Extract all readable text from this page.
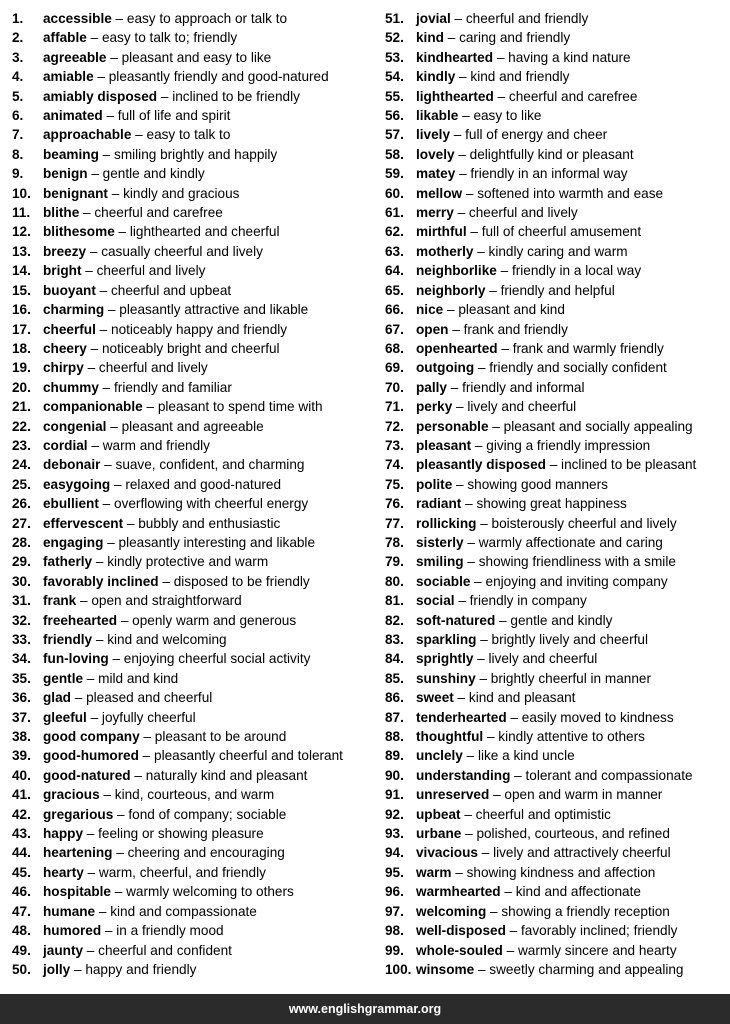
1.	accessible – easy to approach or talk to
2.	affable – easy to talk to; friendly
3.	agreeable – pleasant and easy to like
4.	amiable – pleasantly friendly and good-natured
5.	amiably disposed – inclined to be friendly
6.	animated – full of life and spirit
7.	approachable – easy to talk to
8.	beaming – smiling brightly and happily
9.	benign – gentle and kindly
10. benignant – kindly and gracious
11. blithe – cheerful and carefree
12. blithesome – lighthearted and cheerful
13. breezy – casually cheerful and lively
14. bright – cheerful and lively
15. buoyant – cheerful and upbeat
16. charming – pleasantly attractive and likable
17. cheerful – noticeably happy and friendly
18. cheery – noticeably bright and cheerful
19. chirpy – cheerful and lively
20. chummy – friendly and familiar
21. companionable – pleasant to spend time with
22. congenial – pleasant and agreeable
23. cordial – warm and friendly
24. debonair – suave, confident, and charming
25. easygoing – relaxed and good-natured
26. ebullient – overflowing with cheerful energy
27. effervescent – bubbly and enthusiastic
28. engaging – pleasantly interesting and likable
29. fatherly – kindly protective and warm
30. favorably inclined – disposed to be friendly
31. frank – open and straightforward
32. freehearted – openly warm and generous
33. friendly – kind and welcoming
34. fun-loving – enjoying cheerful social activity
35. gentle – mild and kind
36. glad – pleased and cheerful
37. gleeful – joyfully cheerful
38. good company – pleasant to be around
39. good-humored – pleasantly cheerful and tolerant
40. good-natured – naturally kind and pleasant
41. gracious – kind, courteous, and warm
42. gregarious – fond of company; sociable
43. happy – feeling or showing pleasure
44. heartening – cheering and encouraging
45. hearty – warm, cheerful, and friendly
46. hospitable – warmly welcoming to others
47. humane – kind and compassionate
48. humored – in a friendly mood
49. jaunty – cheerful and confident
50. jolly – happy and friendly
51. jovial – cheerful and friendly
52. kind – caring and friendly
53. kindhearted – having a kind nature
54. kindly – kind and friendly
55. lighthearted – cheerful and carefree
56. likable – easy to like
57. lively – full of energy and cheer
58. lovely – delightfully kind or pleasant
59. matey – friendly in an informal way
60. mellow – softened into warmth and ease
61. merry – cheerful and lively
62. mirthful – full of cheerful amusement
63. motherly – kindly caring and warm
64. neighborlike – friendly in a local way
65. neighborly – friendly and helpful
66. nice – pleasant and kind
67. open – frank and friendly
68. openhearted – frank and warmly friendly
69. outgoing – friendly and socially confident
70. pally – friendly and informal
71. perky – lively and cheerful
72. personable – pleasant and socially appealing
73. pleasant – giving a friendly impression
74. pleasantly disposed – inclined to be pleasant
75. polite – showing good manners
76. radiant – showing great happiness
77. rollicking – boisterously cheerful and lively
78. sisterly – warmly affectionate and caring
79. smiling – showing friendliness with a smile
80. sociable – enjoying and inviting company
81. social – friendly in company
82. soft-natured – gentle and kindly
83. sparkling – brightly lively and cheerful
84. sprightly – lively and cheerful
85. sunshiny – brightly cheerful in manner
86. sweet – kind and pleasant
87. tenderhearted – easily moved to kindness
88. thoughtful – kindly attentive to others
89. unclely – like a kind uncle
90. understanding – tolerant and compassionate
91. unreserved – open and warm in manner
92. upbeat – cheerful and optimistic
93. urbane – polished, courteous, and refined
94. vivacious – lively and attractively cheerful
95. warm – showing kindness and affection
96. warmhearted – kind and affectionate
97. welcoming – showing a friendly reception
98. well-disposed – favorably inclined; friendly
99. whole-souled – warmly sincere and hearty
100. winsome – sweetly charming and appealing
www.englishgrammar.org
